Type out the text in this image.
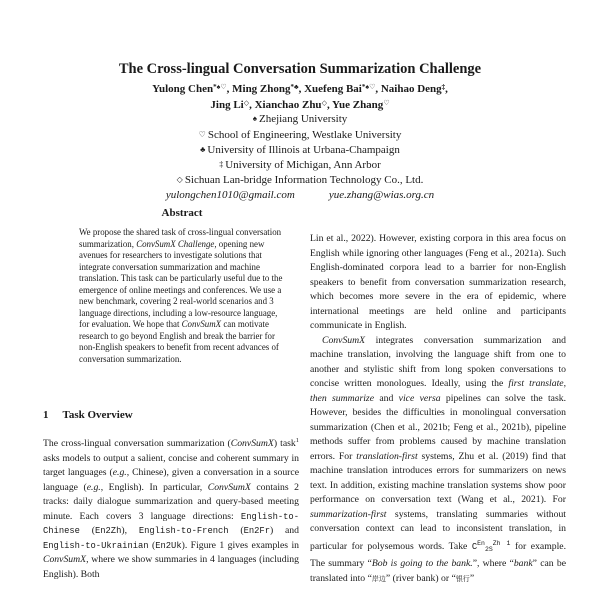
The Cross-lingual Conversation Summarization Challenge
Yulong Chen*♠♡, Ming Zhong*♣, Xuefeng Bai*♠♡, Naihao Deng‡,
Jing Li◇, Xianchao Zhu◇, Yue Zhang♡
♠ Zhejiang University
♡ School of Engineering, Westlake University
♣ University of Illinois at Urbana-Champaign
‡ University of Michigan, Ann Arbor
◇ Sichuan Lan-bridge Information Technology Co., Ltd.
yulongchen1010@gmail.com	yue.zhang@wias.org.cn
Abstract

We propose the shared task of cross-lingual conversation summarization, ConvSumX Challenge, opening new avenues for researchers to investigate solutions that integrate conversation summarization and machine translation. This task can be particularly useful due to the emergence of online meetings and conferences. We use a new benchmark, covering 2 real-world scenarios and 3 language directions, including a low-resource language, for evaluation. We hope that ConvSumX can motivate research to go beyond English and break the barrier for non-English speakers to benefit from recent advances of conversation summarization.

1 Task Overview

The cross-lingual conversation summarization (ConvSumX) task$^1$ asks models to output a salient, concise and coherent summary in target languages (e.g., Chinese), given a conversation in a source language (e.g., English). In particular, ConvSumX contains 2 tracks: daily dialogue summarization and query-based meeting minute. Each covers 3 language directions: English-to-Chinese (En2Zh), English-to-French (En2Fr) and English-to-Ukrainian (En2Uk). Figure 1 gives examples in ConvSumX, where we show summaries in 4 languages (including English). Both

Lin et al., 2022). However, existing corpora in this area focus on English while ignoring other languages (Feng et al., 2021a). Such English-dominated corpora lead to a barrier for non-English speakers to benefit from conversation summarization research, which becomes more severe in the era of epidemic, where international meetings are held online and participants communicate in English.

ConvSumX integrates conversation summarization and machine translation, involving the language shift from one to another and stylistic shift from long spoken conversations to concise written monologues. Ideally, using the first translate, then summarize and vice versa pipelines can solve the task. However, besides the difficulties in monolingual conversation summarization (Chen et al., 2021b; Feng et al., 2021b), pipeline methods suffer from problems caused by machine translation errors. For translation-first systems, Zhu et al. (2019) find that machine translation introduces errors for summarizers on news text. In addition, existing machine translation systems show poor performance on conversation text (Wang et al., 2021). For summarization-first systems, translating summaries without conversation context can lead to inconsistent translation, in particular for polysemous words. Take $C^{En}_{2S}^{Zh 1}$ for example. The summary “Bob is going to the bank.”, where “bank” can be translated into “岸边” (river bank) or “银行”
